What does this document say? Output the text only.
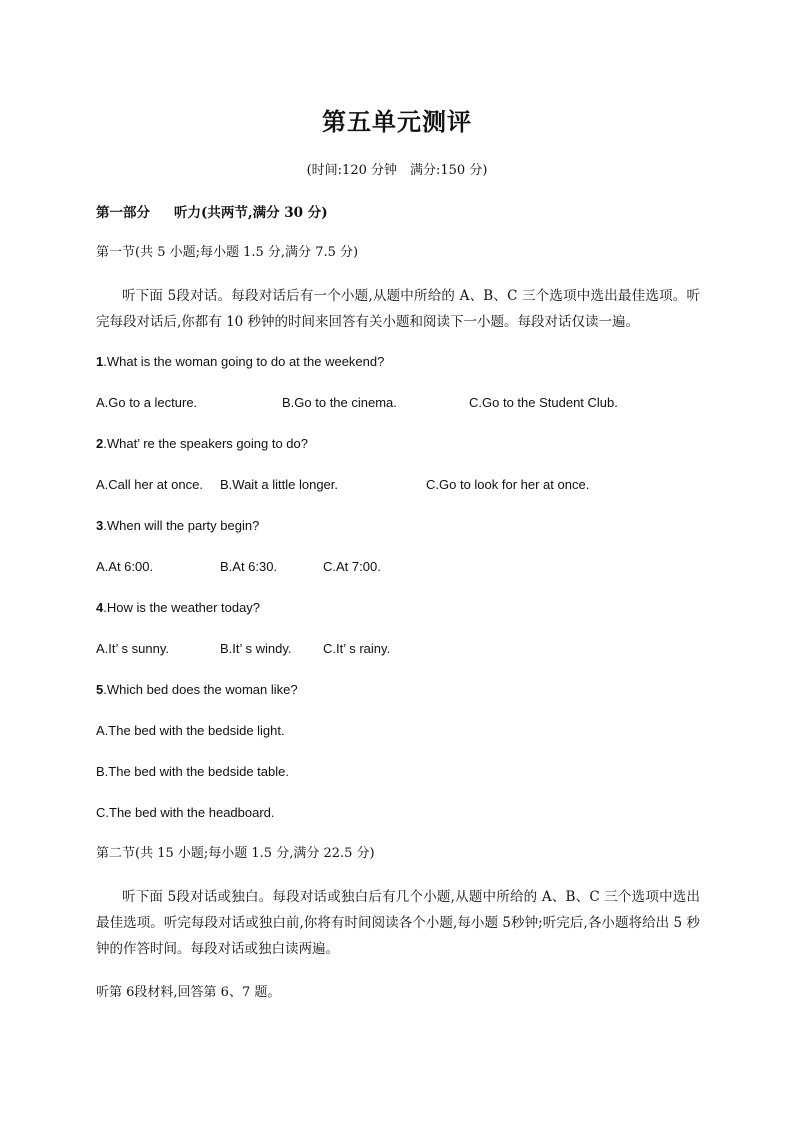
第五单元测评
(时间:120 分钟　满分:150 分)
第一部分 听力(共两节,满分 30 分)
第一节(共 5 小题;每小题 1.5 分,满分 7.5 分)
听下面 5段对话。每段对话后有一个小题,从题中所给的 A、B、C 三个选项中选出最佳选项。听完每段对话后,你都有 10 秒钟的时间来回答有关小题和阅读下一小题。每段对话仅读一遍。
1.What is the woman going to do at the weekend?
A.Go to a lecture.	B.Go to the cinema.	C.Go to the Student Club.
2.What’ re the speakers going to do?
A.Call her at once. B.Wait a little longer.	C.Go to look for her at once.
3.When will the party begin?
A.At 6:00.	B.At 6:30.	C.At 7:00.
4.How is the weather today?
A.It’ s sunny.	B.It’ s windy. C.It’ s rainy.
5.Which bed does the woman like?
A.The bed with the bedside light.
B.The bed with the bedside table.
C.The bed with the headboard.
第二节(共 15 小题;每小题 1.5 分,满分 22.5 分)
听下面 5段对话或独白。每段对话或独白后有几个小题,从题中所给的 A、B、C 三个选项中选出最佳选项。听完每段对话或独白前,你将有时间阅读各个小题,每小题 5秒钟;听完后,各小题将给出 5 秒钟的作答时间。每段对话或独白读两遍。
听第 6段材料,回答第 6、7 题。
